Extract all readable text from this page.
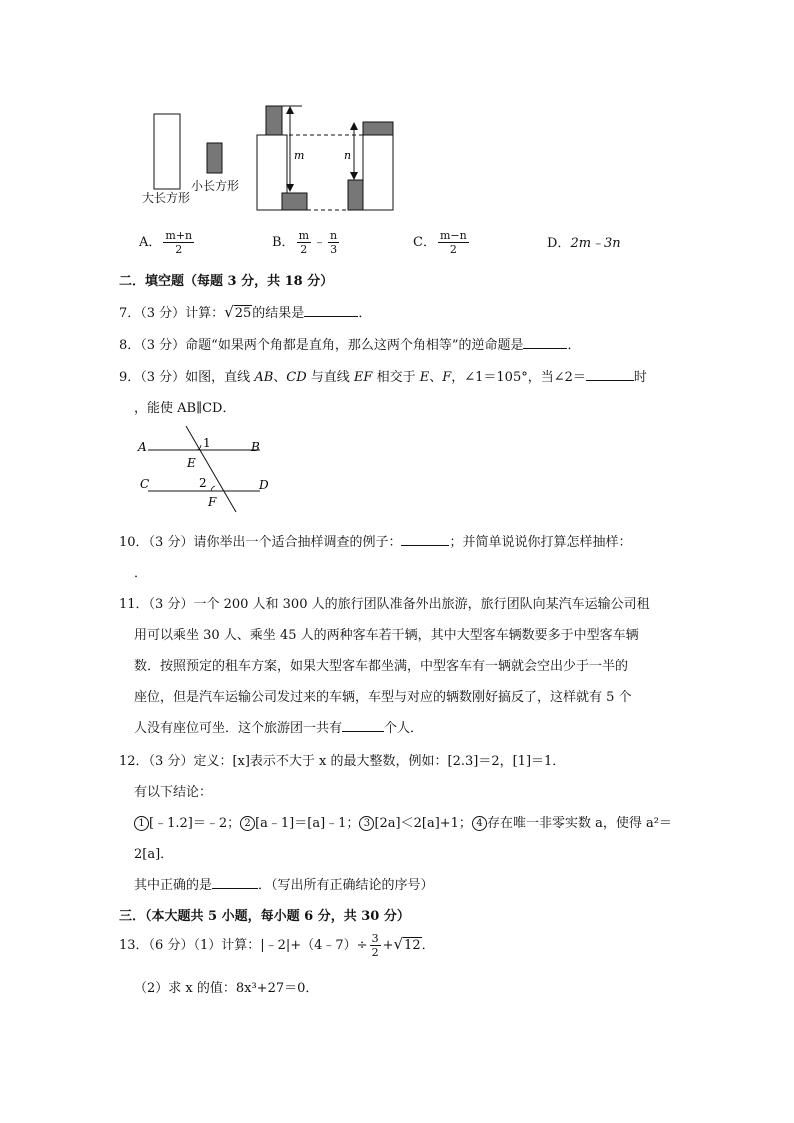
m	n
大长方形
小长方形
A． $\frac{m+n}{2}$	B． $\frac{m}{2}$ ﹣ $\frac{n}{3}$	C． $\frac{m-n}{2}$	D．2m﹣3n
二．填空题（每题 3 分，共 18 分）
7．（3 分）计算：√25的结果是	．
8．（3 分）命题“如果两个角都是直角，那么这两个角相等”的逆命题是	．
9．（3 分）如图，直线 AB、CD 与直线 EF 相交于 E、F，∠1＝105°，当∠2＝	时
，能使 AB∥CD．
A	B
C	D
E
F
1
2
10．（3 分）请你举出一个适合抽样调查的例子：	；并简单说说你打算怎样抽样：
．
11．（3 分）一个 200 人和 300 人的旅行团队准备外出旅游，旅行团队向某汽车运输公司租
用可以乘坐 30 人、乘坐 45 人的两种客车若干辆，其中大型客车辆数要多于中型客车辆
数．按照预定的租车方案，如果大型客车都坐满，中型客车有一辆就会空出少于一半的
座位，但是汽车运输公司发过来的车辆，车型与对应的辆数刚好搞反了，这样就有 5 个
人没有座位可坐．这个旅游团一共有	个人．
12．（3 分）定义：[x]表示不大于 x 的最大整数，例如：[2.3]＝2，[1]＝1．
有以下结论：
1 [﹣1.2]＝﹣2； 2 [a﹣1]＝[a]﹣1； 3 [2a]＜2[a]+1； 4 存在唯一非零实数 a，使得 a²＝
2[a]．
其中正确的是	．（写出所有正确结论的序号）
三．（本大题共 5 小题，每小题 6 分，共 30 分）
13．（6 分）（1）计算：|﹣2|+（4﹣7）÷ $\frac{3}{2} +√12$．
（2）求 x 的值：8x³+27＝0．
